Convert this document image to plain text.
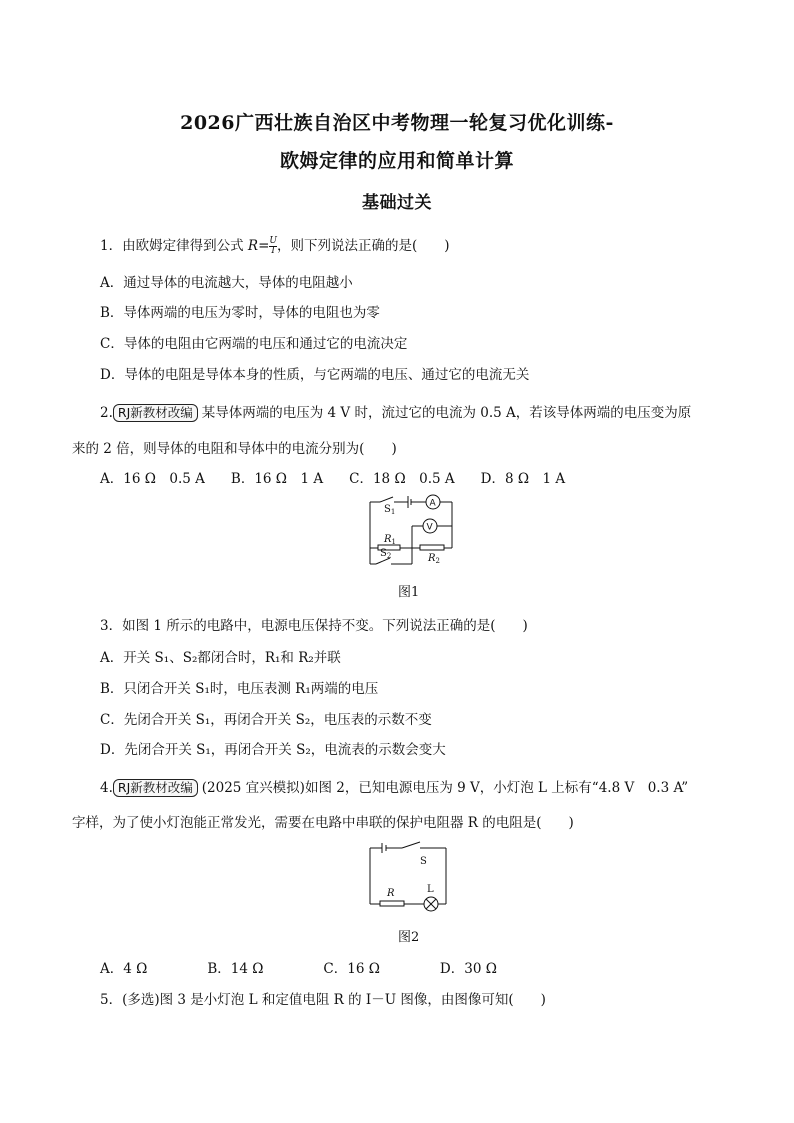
2026广西壮族自治区中考物理一轮复习优化训练-
欧姆定律的应用和简单计算
基础过关
1．由欧姆定律得到公式 $R= \frac{U}{I}$ ，则下列说法正确的是(　　)
A．通过导体的电流越大，导体的电阻越小
B．导体两端的电压为零时，导体的电阻也为零
C．导体的电阻由它两端的电压和通过它的电流决定
D．导体的电阻是导体本身的性质，与它两端的电压、通过它的电流无关
2. RJ新教材改编 某导体两端的电压为 4 V 时，流过它的电流为 0.5 A，若该导体两端的电压变为原
来的 2 倍，则导体的电阻和导体中的电流分别为(　　)
A．16 Ω　0.5 A B．16 Ω　1 A C．18 Ω　0.5 A D．8 Ω　1 A
$S_1$
A
V
$R_1$
$R_2$
$S_2$
图1
3．如图 1 所示的电路中，电源电压保持不变。下列说法正确的是(　　)
A．开关 S₁、S₂都闭合时，R₁和 R₂并联
B．只闭合开关 S₁时，电压表测 R₁两端的电压
C．先闭合开关 S₁，再闭合开关 S₂，电压表的示数不变
D．先闭合开关 S₁，再闭合开关 S₂，电流表的示数会变大
4. RJ新教材改编 (2025 宜兴模拟)如图 2，已知电源电压为 9 V，小灯泡 L 上标有“4.8 V　0.3 A”
字样，为了使小灯泡能正常发光，需要在电路中串联的保护电阻器 R 的电阻是(　　)
S
R	L
图2
A．4 Ω	B．14 Ω	C．16 Ω	D．30 Ω
5．(多选)图 3 是小灯泡 L 和定值电阻 R 的 I－U 图像，由图像可知(　　)
